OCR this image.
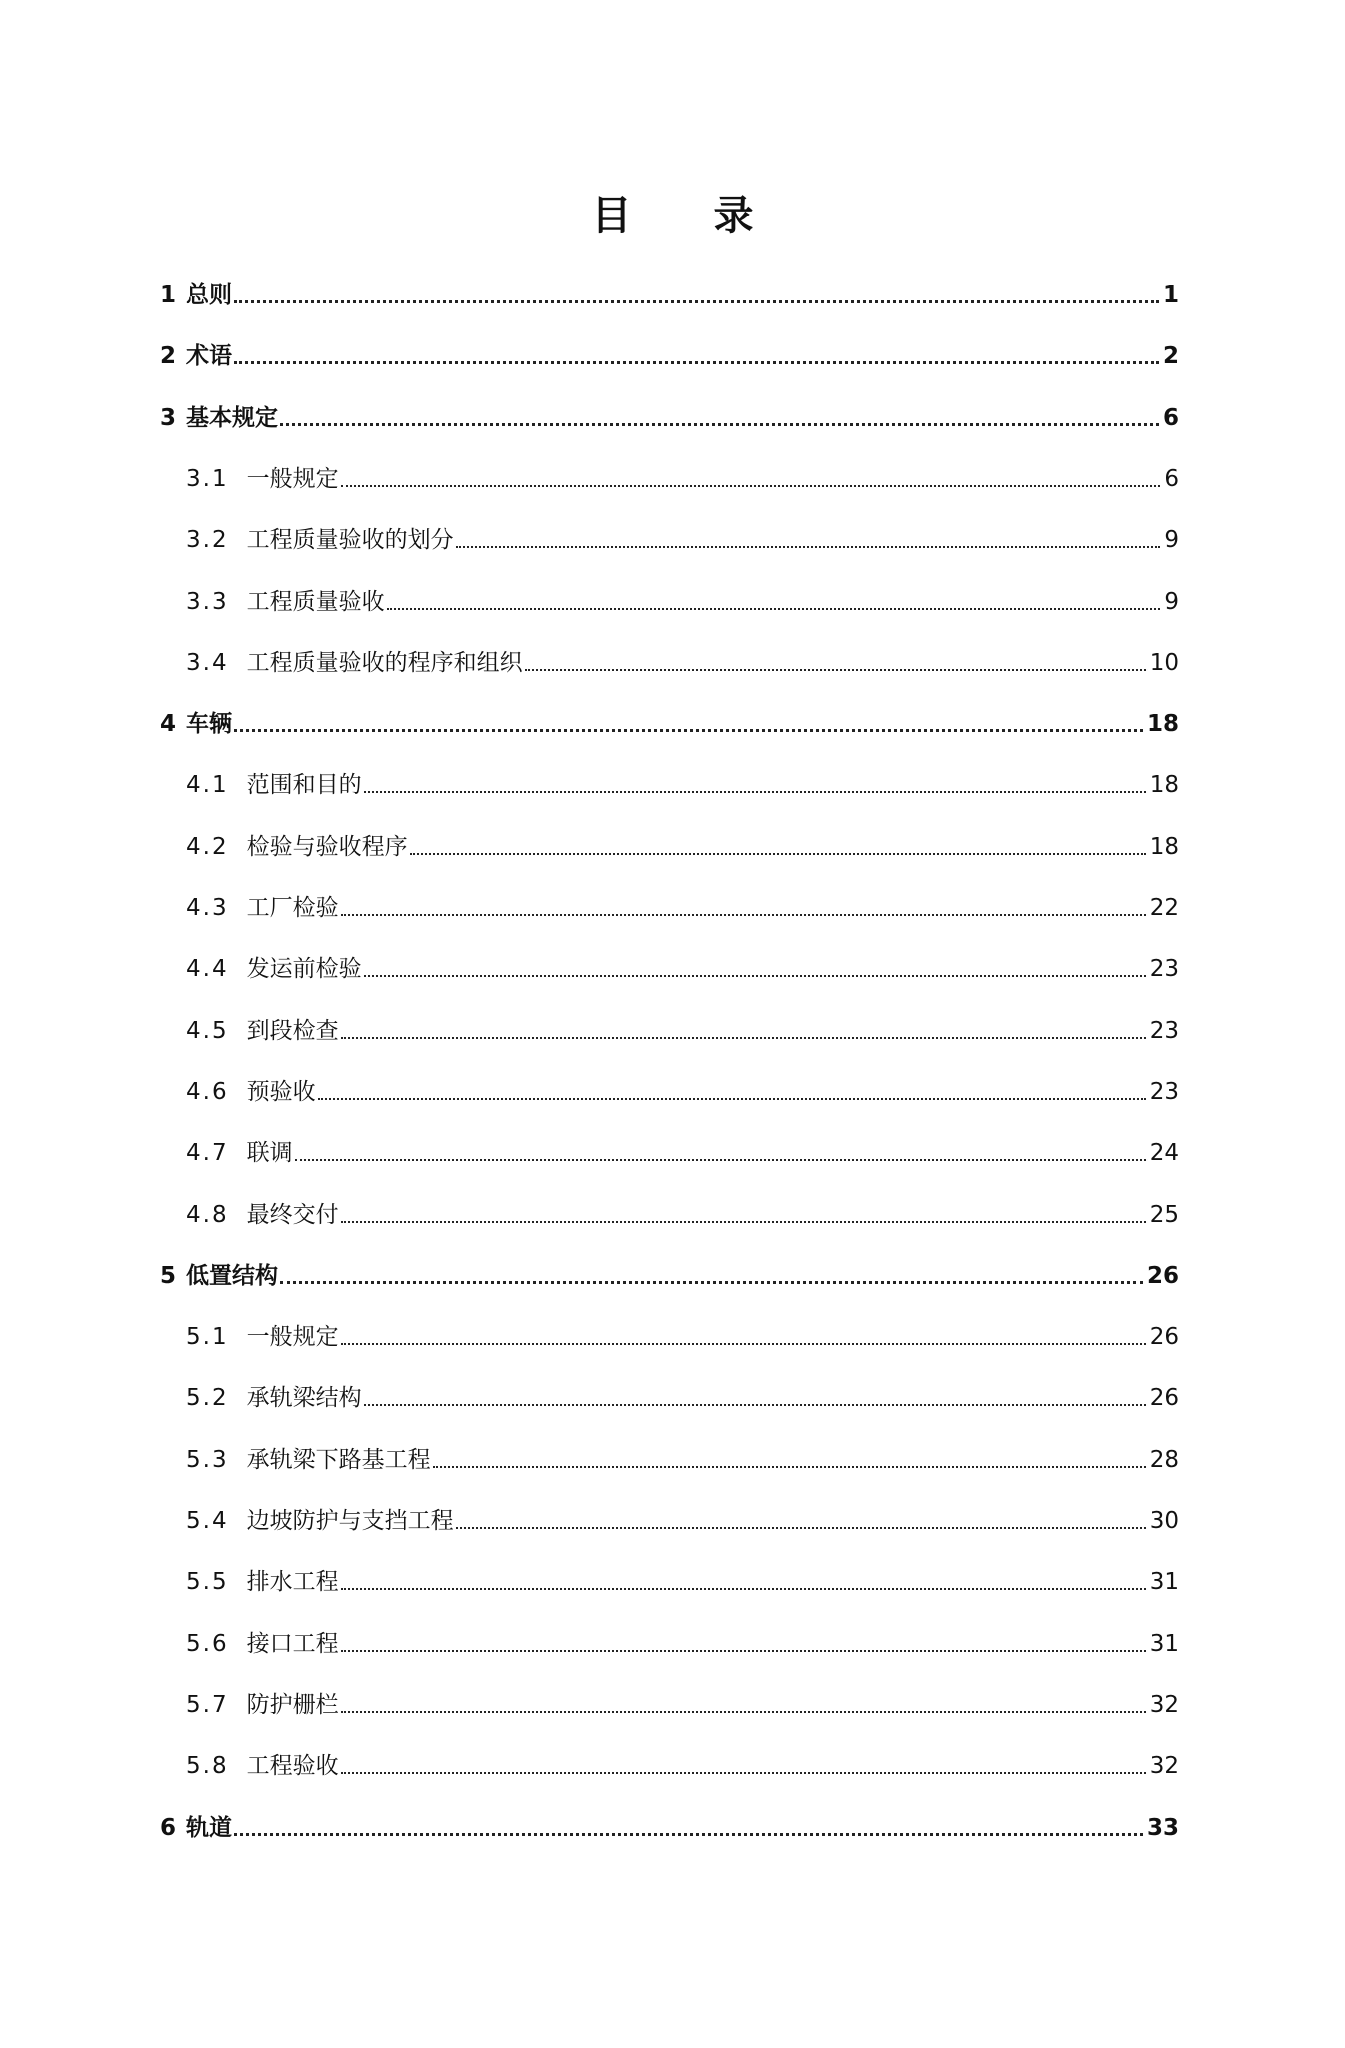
目 录
1 总则	1
2 术语	2
3 基本规定	6
3.1 一般规定	6
3.2 工程质量验收的划分	9
3.3 工程质量验收	9
3.4 工程质量验收的程序和组织	10
4 车辆	18
4.1 范围和目的	18
4.2 检验与验收程序	18
4.3 工厂检验	22
4.4 发运前检验	23
4.5 到段检查	23
4.6 预验收	23
4.7 联调	24
4.8 最终交付	25
5 低置结构	26
5.1 一般规定	26
5.2 承轨梁结构	26
5.3 承轨梁下路基工程	28
5.4 边坡防护与支挡工程	30
5.5 排水工程	31
5.6 接口工程	31
5.7 防护栅栏	32
5.8 工程验收	32
6 轨道	33
